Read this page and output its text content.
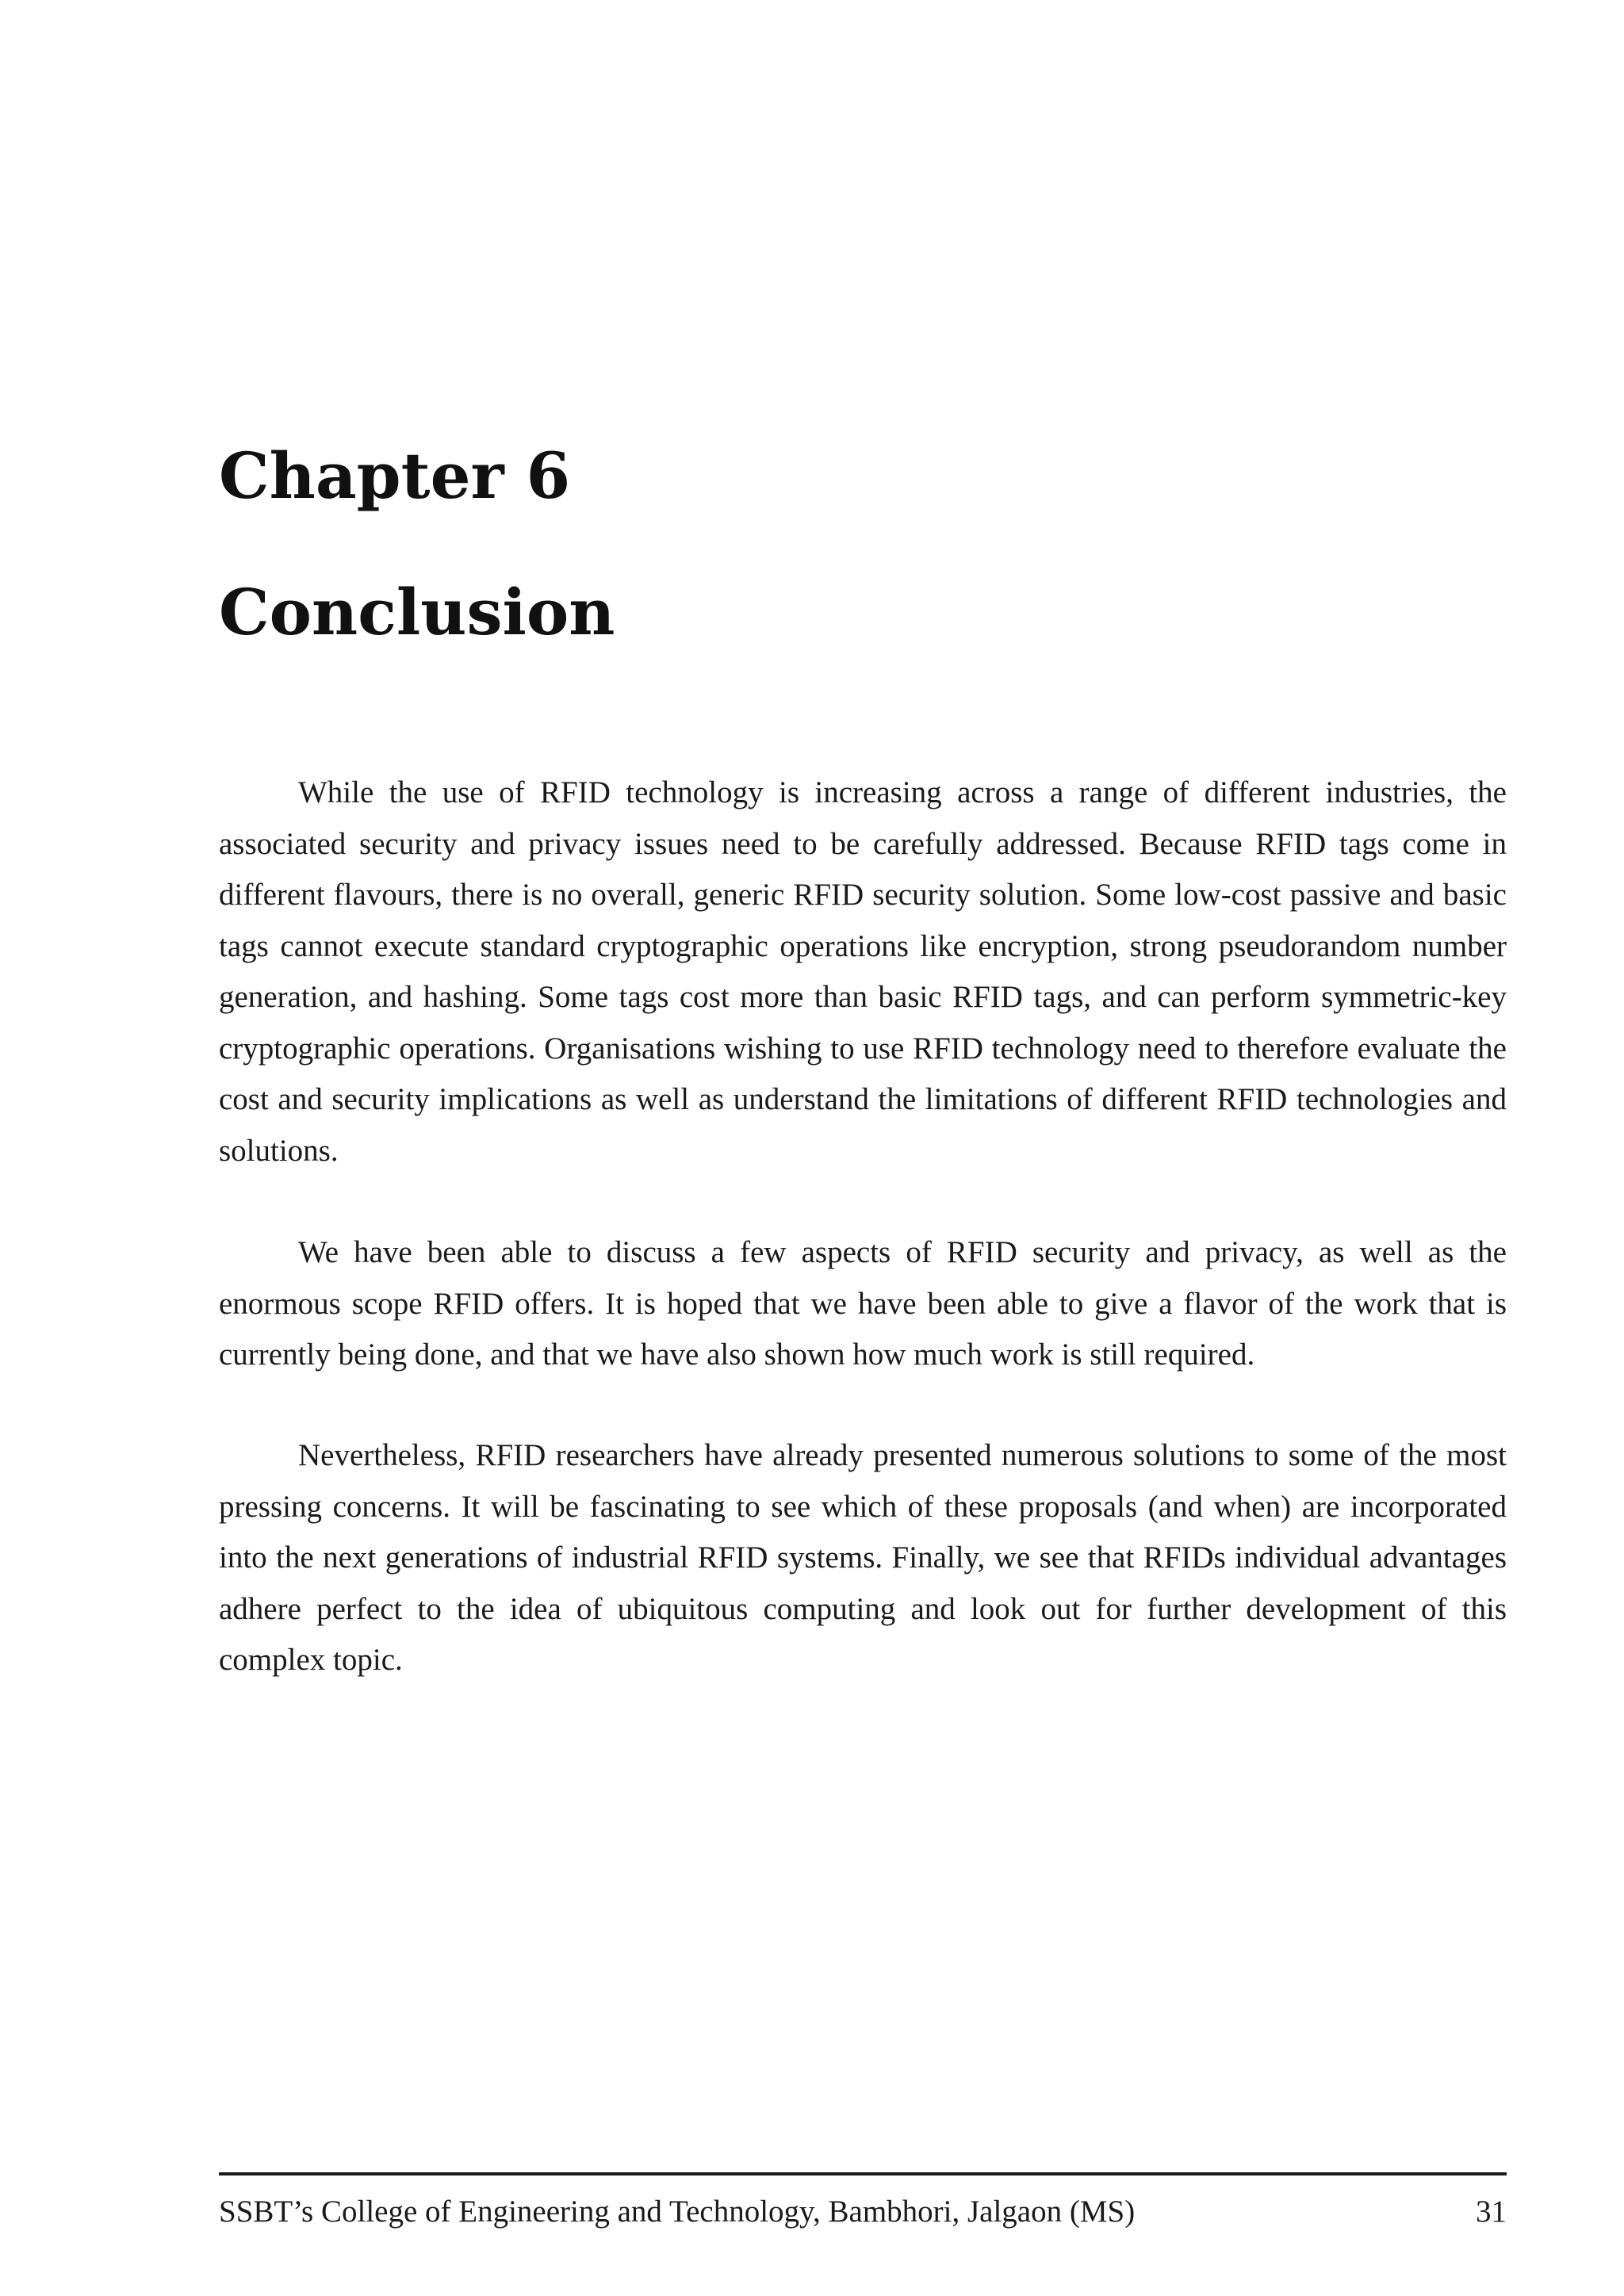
Chapter 6
Conclusion

While the use of RFID technology is increasing across a range of different industries, the associated security and privacy issues need to be carefully addressed. Because RFID tags come in different flavours, there is no overall, generic RFID security solution. Some low-cost passive and basic tags cannot execute standard cryptographic operations like encryption, strong pseudorandom number generation, and hashing. Some tags cost more than basic RFID tags, and can perform symmetric-key cryptographic operations. Organisations wishing to use RFID technology need to therefore evaluate the cost and security implications as well as understand the limitations of different RFID technologies and solutions.

We have been able to discuss a few aspects of RFID security and privacy, as well as the enormous scope RFID offers. It is hoped that we have been able to give a flavor of the work that is currently being done, and that we have also shown how much work is still required.

Nevertheless, RFID researchers have already presented numerous solutions to some of the most pressing concerns. It will be fascinating to see which of these proposals (and when) are incorporated into the next generations of industrial RFID systems. Finally, we see that RFIDs individual advantages adhere perfect to the idea of ubiquitous computing and look out for further development of this complex topic.

SSBT’s College of Engineering and Technology, Bambhori, Jalgaon (MS)	31
